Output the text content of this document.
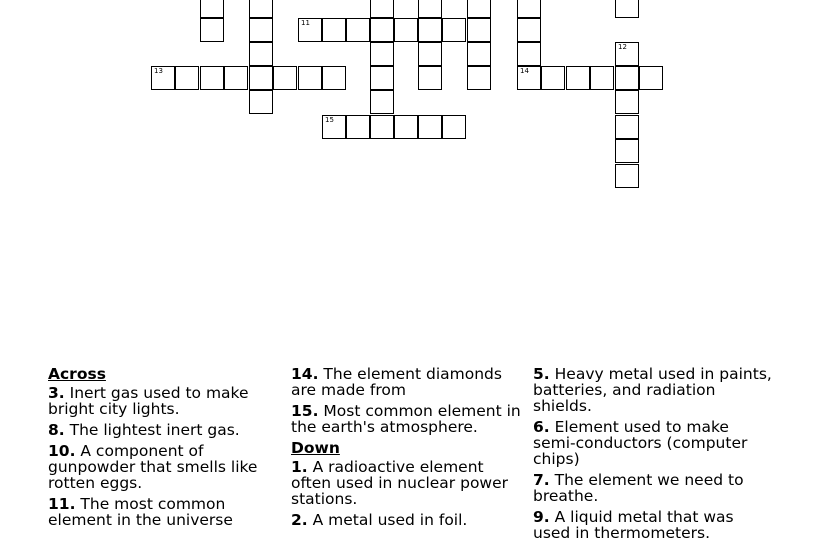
11
13
15
14
12
Across
3. Inert gas used to make bright city lights.
8. The lightest inert gas.
10. A component of gunpowder that smells like rotten eggs.
11. The most common element in the universe
14. The element diamonds are made from
15. Most common element in the earth's atmosphere.
Down
1. A radioactive element often used in nuclear power stations.
2. A metal used in foil.
5. Heavy metal used in paints, batteries, and radiation shields.
6. Element used to make semi-conductors (computer chips)
7. The element we need to breathe.
9. A liquid metal that was used in thermometers.
